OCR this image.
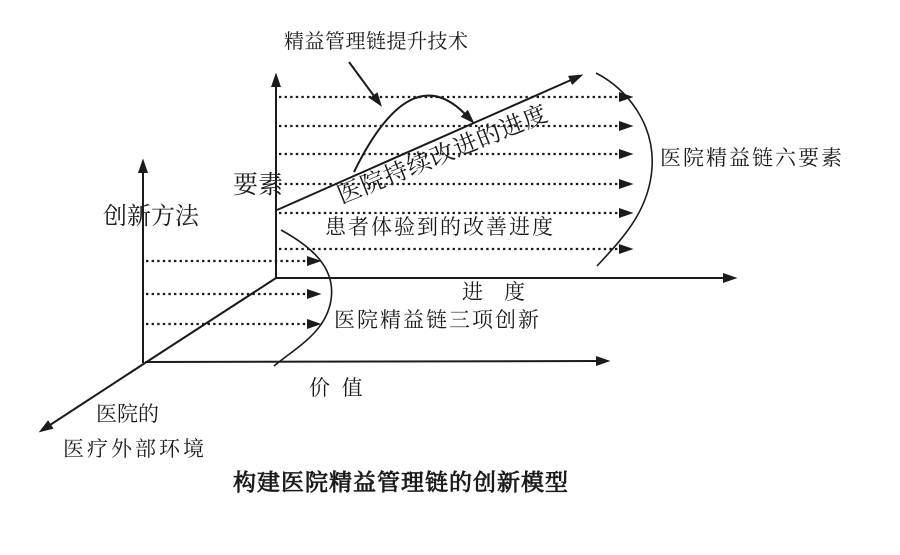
精益管理链提升技术
医院持续改进的进度
患者体验到的改善进度
医院精益链六要素
医院精益链三项创新
进　度
价  值
要素
创新方法
医院的
医疗外部环境
构建医院精益管理链的创新模型
